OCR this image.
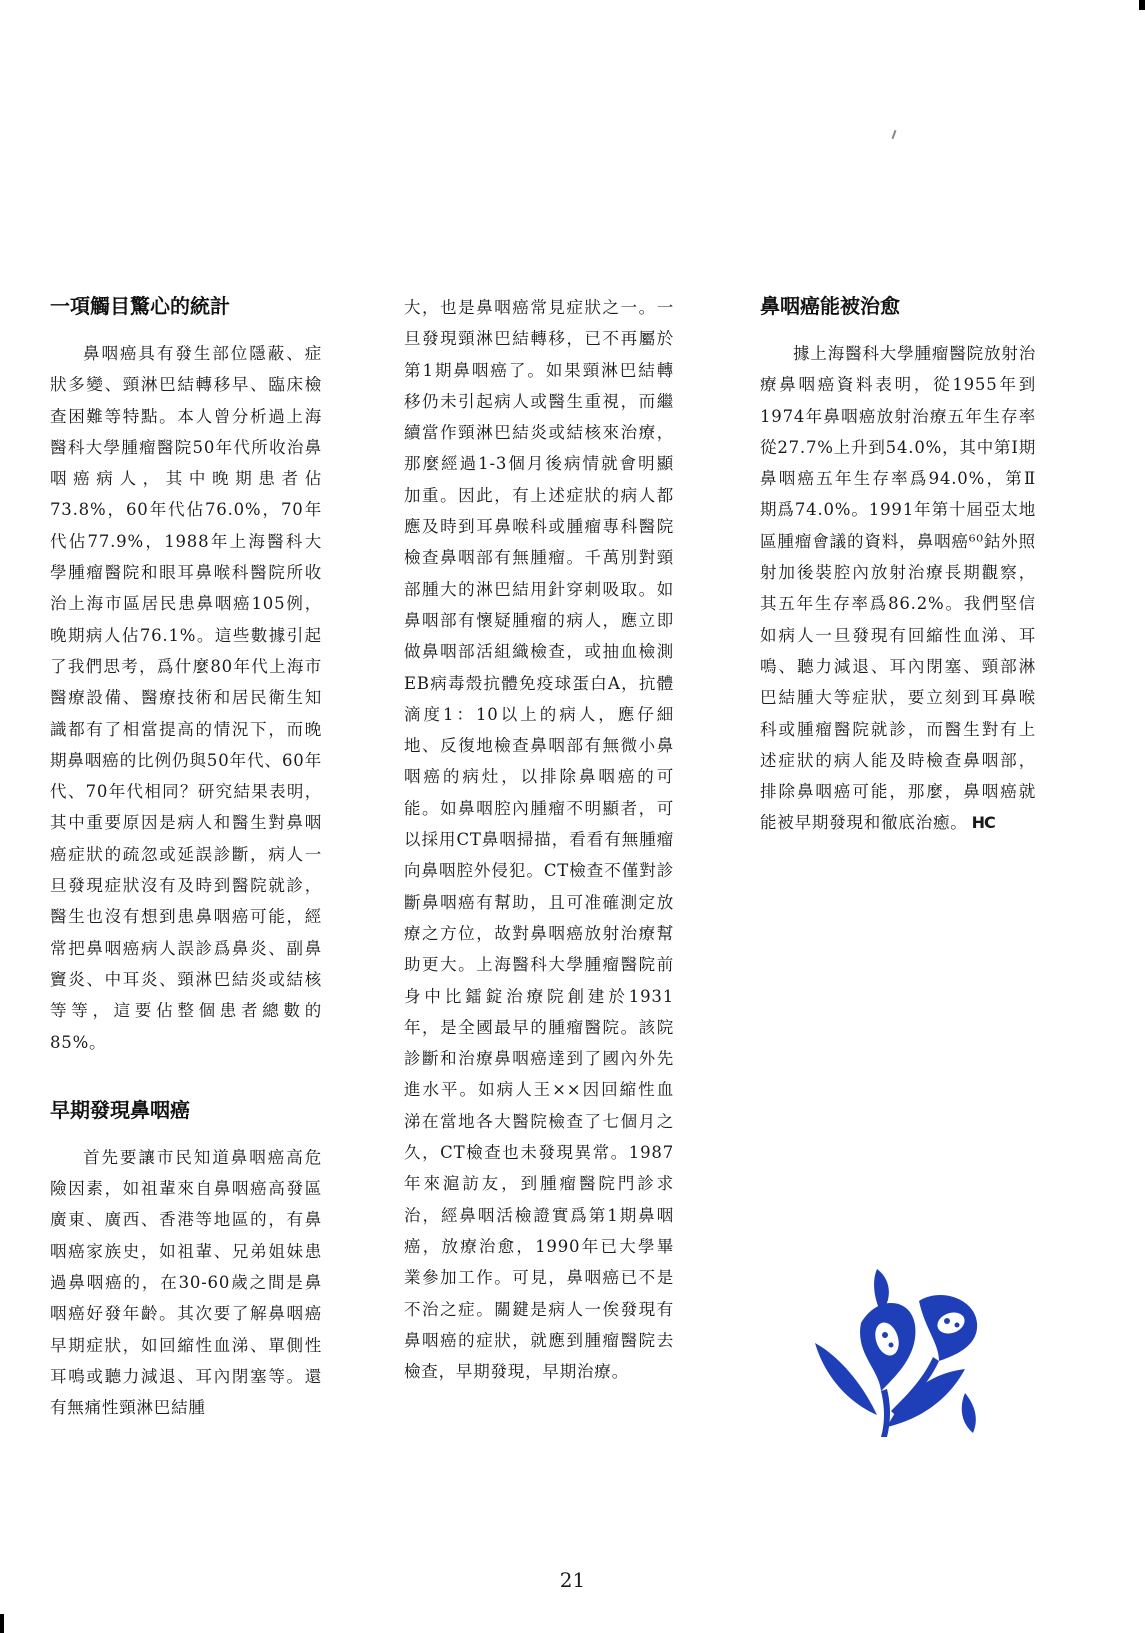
一項觸目驚心的統計

鼻咽癌具有發生部位隱蔽、症狀多變、頸淋巴結轉移早、臨床檢查困難等特點。本人曾分析過上海醫科大學腫瘤醫院50年代所收治鼻咽癌病人，其中晚期患者佔73.8%，60年代佔76.0%，70年代佔77.9%，1988年上海醫科大學腫瘤醫院和眼耳鼻喉科醫院所收治上海市區居民患鼻咽癌105例，晚期病人佔76.1%。這些數據引起了我們思考，爲什麼80年代上海市醫療設備、醫療技術和居民衛生知識都有了相當提高的情況下，而晚期鼻咽癌的比例仍與50年代、60年代、70年代相同？研究結果表明，其中重要原因是病人和醫生對鼻咽癌症狀的疏忽或延誤診斷，病人一旦發現症狀沒有及時到醫院就診，醫生也沒有想到患鼻咽癌可能，經常把鼻咽癌病人誤診爲鼻炎、副鼻竇炎、中耳炎、頸淋巴結炎或結核等等，這要佔整個患者總數的85%。

早期發現鼻咽癌

首先要讓市民知道鼻咽癌高危險因素，如祖輩來自鼻咽癌高發區廣東、廣西、香港等地區的，有鼻咽癌家族史，如祖輩、兄弟姐妹患過鼻咽癌的，在30-60歲之間是鼻咽癌好發年齡。其次要了解鼻咽癌早期症狀，如回縮性血涕、單側性耳鳴或聽力減退、耳內閉塞等。還有無痛性頸淋巴結腫

大，也是鼻咽癌常見症狀之一。一旦發現頸淋巴結轉移，已不再屬於第1期鼻咽癌了。如果頸淋巴結轉移仍未引起病人或醫生重視，而繼續當作頸淋巴結炎或結核來治療，那麼經過1-3個月後病情就會明顯加重。因此，有上述症狀的病人都應及時到耳鼻喉科或腫瘤專科醫院檢查鼻咽部有無腫瘤。千萬別對頸部腫大的淋巴結用針穿刺吸取。如鼻咽部有懷疑腫瘤的病人，應立即做鼻咽部活組織檢查，或抽血檢測EB病毒殼抗體免疫球蛋白A，抗體滴度1：10以上的病人，應仔細地、反復地檢查鼻咽部有無微小鼻咽癌的病灶，以排除鼻咽癌的可能。如鼻咽腔內腫瘤不明顯者，可以採用CT鼻咽掃描，看看有無腫瘤向鼻咽腔外侵犯。CT檢查不僅對診斷鼻咽癌有幫助，且可准確測定放療之方位，故對鼻咽癌放射治療幫助更大。上海醫科大學腫瘤醫院前身中比鐳錠治療院創建於1931年，是全國最早的腫瘤醫院。該院診斷和治療鼻咽癌達到了國內外先進水平。如病人王××因回縮性血涕在當地各大醫院檢查了七個月之久，CT檢查也未發現異常。1987年來滬訪友，到腫瘤醫院門診求治，經鼻咽活檢證實爲第1期鼻咽癌，放療治愈，1990年已大學畢業參加工作。可見，鼻咽癌已不是不治之症。關鍵是病人一俟發現有鼻咽癌的症狀，就應到腫瘤醫院去檢查，早期發現，早期治療。

鼻咽癌能被治愈

據上海醫科大學腫瘤醫院放射治療鼻咽癌資料表明，從1955年到1974年鼻咽癌放射治療五年生存率從27.7%上升到54.0%，其中第Ⅰ期鼻咽癌五年生存率爲94.0%，第Ⅱ期爲74.0%。1991年第十屆亞太地區腫瘤會議的資料，鼻咽癌⁶⁰鈷外照射加後裝腔內放射治療長期觀察，其五年生存率爲86.2%。我們堅信如病人一旦發現有回縮性血涕、耳鳴、聽力減退、耳內閉塞、頸部淋巴結腫大等症狀，要立刻到耳鼻喉科或腫瘤醫院就診，而醫生對有上述症狀的病人能及時檢查鼻咽部，排除鼻咽癌可能，那麼，鼻咽癌就能被早期發現和徹底治癒。 HC

21
